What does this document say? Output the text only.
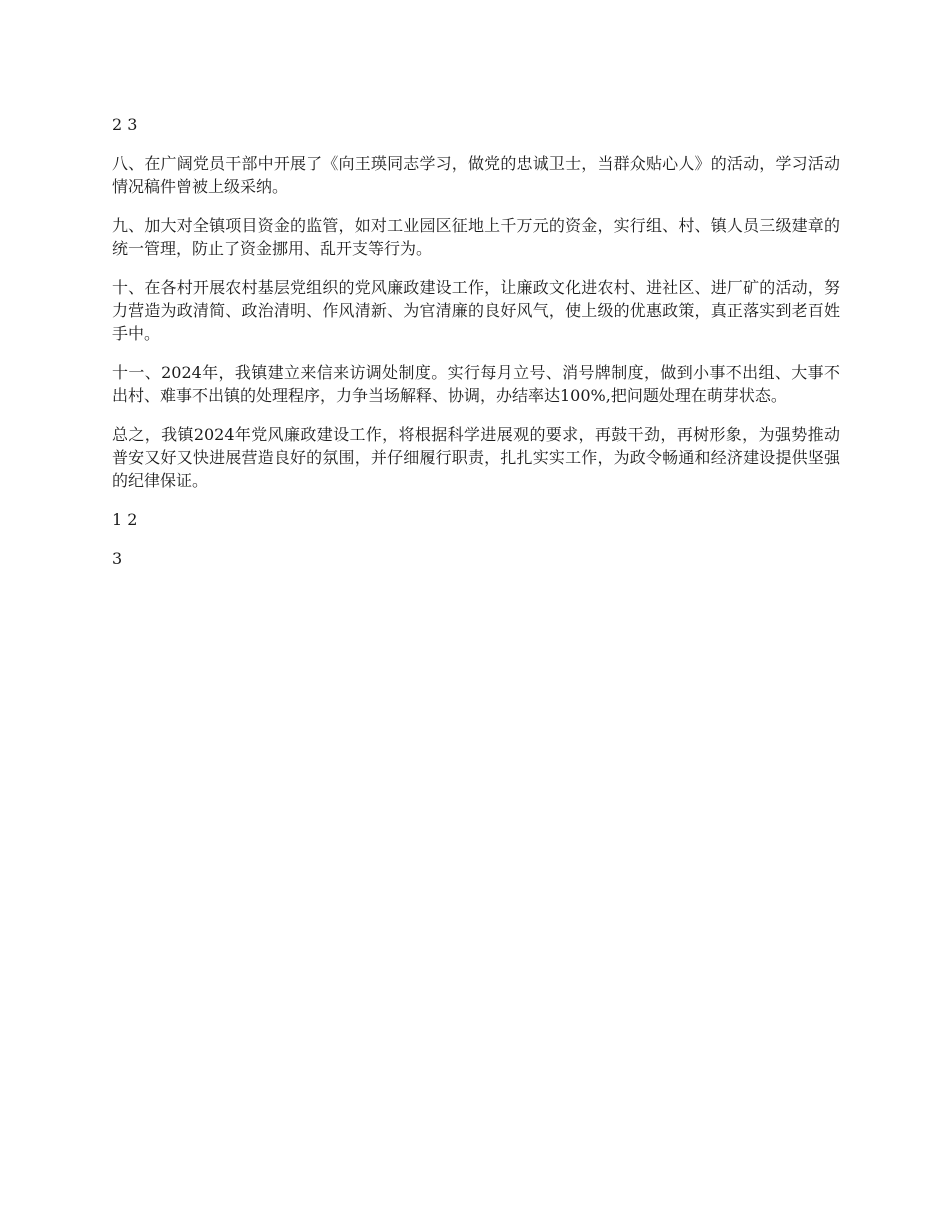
2 3

八、在广阔党员干部中开展了《向王瑛同志学习，做党的忠诚卫士，当群众贴心人》的活动，学习活动情况稿件曾被上级采纳。

九、加大对全镇项目资金的监管，如对工业园区征地上千万元的资金，实行组、村、镇人员三级建章的统一管理，防止了资金挪用、乱开支等行为。

十、在各村开展农村基层党组织的党风廉政建设工作，让廉政文化进农村、进社区、进厂矿的活动，努力营造为政清简、政治清明、作风清新、为官清廉的良好风气，使上级的优惠政策，真正落实到老百姓手中。

十一、2024年，我镇建立来信来访调处制度。实行每月立号、消号牌制度，做到小事不出组、大事不出村、难事不出镇的处理程序，力争当场解释、协调，办结率达100%,把问题处理在萌芽状态。

总之，我镇2024年党风廉政建设工作，将根据科学进展观的要求，再鼓干劲，再树形象，为强势推动普安又好又快进展营造良好的氛围，并仔细履行职责，扎扎实实工作，为政令畅通和经济建设提供坚强的纪律保证。

1 2

3
